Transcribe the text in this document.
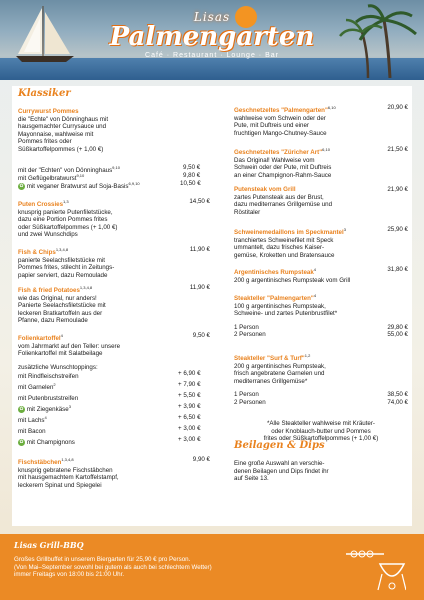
Lisas
Palmengarten
Café · Restaurant · Lounge · Bar
Klassiker
Currywurst Pommes
die "Echte" von Dönninghaus mit
hausgemachter Currysauce und
Mayonnaise, wahlweise mit
Pommes frites oder
Süßkartoffelpommes (+ 1,00 €)
mit der "Echten" von Dönninghaus$^{9,10}$	9,50 €
mit Geflügelbratwurst$^{9,10}$	9,80 €
✿ mit veganer Bratwurst auf Soja-Basis$^{6,9,10}$	10,50 €
Puten Crossies$^{1,3}$	14,50 €
knusprig panierte Putenfiletstücke,
dazu eine Portion Pommes frites
oder Süßkartoffelpommes (+ 1,00 €)
und zwei Wunschdips
Fish & Chips$^{1,3,4,8}$	11,90 €
panierte Seelachsfiletstücke mit
Pommes frites, stilecht in Zeitungs-
papier serviert, dazu Remoulade
Fish & fried Potatoes$^{1,3,4,8}$	11,90 €
wie das Original, nur anders!
Panierte Seelachsfiletstücke mit
leckeren Bratkartoffeln aus der
Pfanne, dazu Remoulade
Folienkartoffel$^4$	9,50 €
vom Jahrmarkt auf den Teller: unsere
Folienkartoffel mit Salatbeilage
zusätzliche Wunschtoppings:
mit Rindfleischstreifen	+ 6,90 €
mit Garnelen$^2$	+ 7,90 €
mit Putenbruststreifen	+ 5,50 €
✿ mit Ziegenkäse$^3$	+ 3,90 €
mit Lachs$^4$	+ 6,50 €
mit Bacon	+ 3,00 €
✿ mit Champignons	+ 3,00 €
Fischstäbchen$^{1,3,4,8}$	9,90 €
knusprig gebratene Fischstäbchen
mit hausgemachtem Kartoffelstampf,
leckerem Spinat und Spiegelei
Geschnetzeltes "Palmengarten"$^{6,10}$	20,90 €
wahlweise vom Schwein oder der
Pute, mit Duftreis und einer
fruchtigen Mango-Chutney-Sauce
Geschnetzeltes "Züricher Art"$^{6,10}$	21,50 €
Das Original! Wahlweise vom
Schwein oder der Pute, mit Duftreis
an einer Champignon-Rahm-Sauce
Putensteak vom Grill	21,90 €
zartes Putensteak aus der Brust,
dazu mediterranes Grillgemüse und
Röstitaler
Schweinemedaillons im Speckmantel$^3$	25,90 €
tranchiertes Schweinefilet mit Speck
ummantelt, dazu frisches Kaiser-
gemüse, Kroketten und Bratensauce
Argentinisches Rumpsteak$^4$	31,80 €
200 g argentinisches Rumpsteak vom Grill
Steakteller "Palmengarten"$^4$
100 g argentinisches Rumpsteak,
Schweine- und zartes Putenbrustfilet*
1 Person	29,80 €
2 Personen	55,00 €
Steakteller "Surf & Turf"$^{1,2}$
200 g argentinisches Rumpsteak,
frisch angebratene Garnelen und
mediterranes Grillgemüse*
1 Person	38,50 €
2 Personen	74,00 €
*Alle Steakteller wahlweise mit Kräuter-
oder Knoblauch-butter und Pommes
frites oder Süßkartoffelpommes (+ 1,00 €)
Beilagen & Dips
Eine große Auswahl an verschie-
denen Beilagen und Dips findet ihr
auf Seite 13.
Lisas Grill-BBQ
Großes Grillbuffet in unserem Biergarten für 25,90 € pro Person.
(Von Mai–September sowohl bei gutem als auch bei schlechtem Wetter)
immer Freitags von 18:00 bis 21:00 Uhr.
